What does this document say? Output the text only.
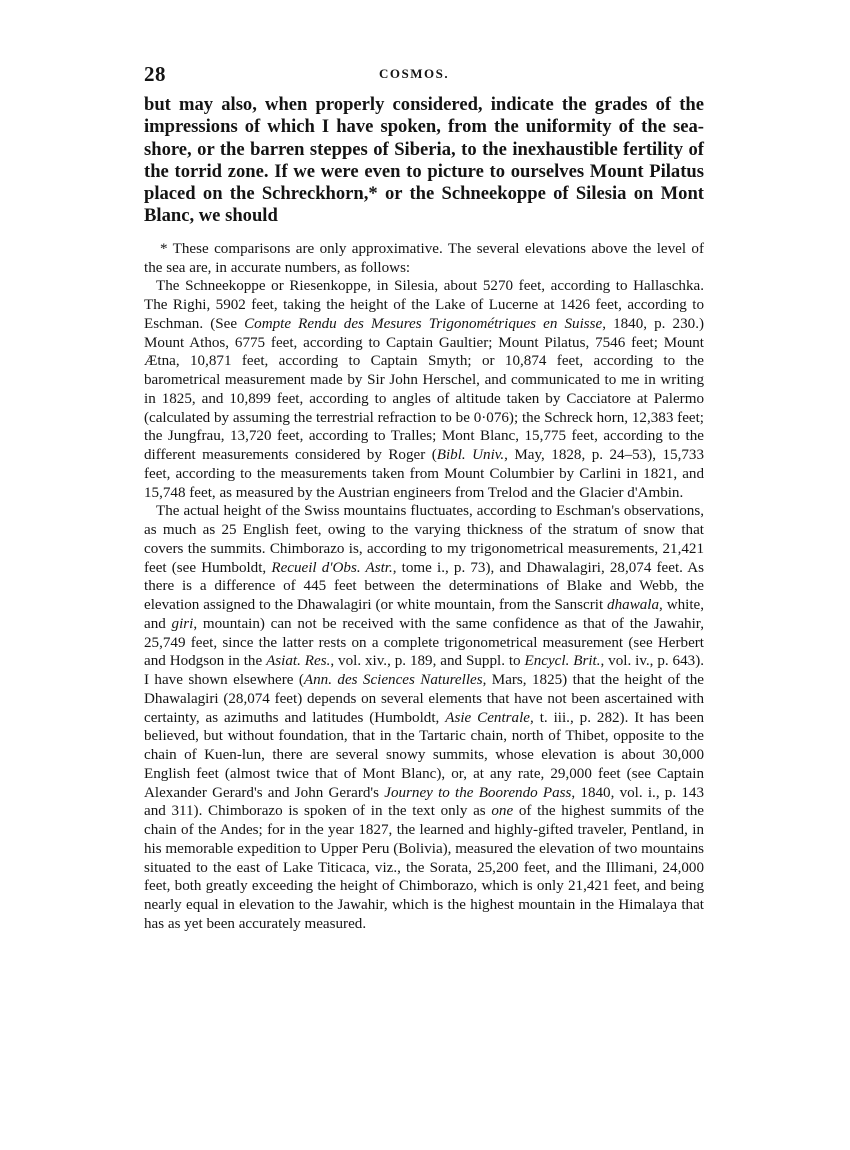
28	COSMOS.

but may also, when properly considered, indicate the grades of the impressions of which I have spoken, from the uniformity of the sea-shore, or the barren steppes of Siberia, to the inexhaustible fertility of the torrid zone. If we were even to picture to ourselves Mount Pilatus placed on the Schreckhorn,* or the Schneekoppe of Silesia on Mont Blanc, we should

* These comparisons are only approximative. The several elevations above the level of the sea are, in accurate numbers, as follows:

The Schneekoppe or Riesenkoppe, in Silesia, about 5270 feet, according to Hallaschka. The Righi, 5902 feet, taking the height of the Lake of Lucerne at 1426 feet, according to Eschman. (See Compte Rendu des Mesures Trigonométriques en Suisse, 1840, p. 230.) Mount Athos, 6775 feet, according to Captain Gaultier; Mount Pilatus, 7546 feet; Mount Ætna, 10,871 feet, according to Captain Smyth; or 10,874 feet, according to the barometrical measurement made by Sir John Herschel, and communicated to me in writing in 1825, and 10,899 feet, according to angles of altitude taken by Cacciatore at Palermo (calculated by assuming the terrestrial refraction to be 0·076); the Schreck horn, 12,383 feet; the Jungfrau, 13,720 feet, according to Tralles; Mont Blanc, 15,775 feet, according to the different measurements considered by Roger (Bibl. Univ., May, 1828, p. 24–53), 15,733 feet, according to the measurements taken from Mount Columbier by Carlini in 1821, and 15,748 feet, as measured by the Austrian engineers from Trelod and the Glacier d'Ambin.

The actual height of the Swiss mountains fluctuates, according to Eschman's observations, as much as 25 English feet, owing to the varying thickness of the stratum of snow that covers the summits. Chimborazo is, according to my trigonometrical measurements, 21,421 feet (see Humboldt, Recueil d'Obs. Astr., tome i., p. 73), and Dhawalagiri, 28,074 feet. As there is a difference of 445 feet between the determinations of Blake and Webb, the elevation assigned to the Dhawalagiri (or white mountain, from the Sanscrit dhawala, white, and giri, mountain) can not be received with the same confidence as that of the Jawahir, 25,749 feet, since the latter rests on a complete trigonometrical measurement (see Herbert and Hodgson in the Asiat. Res., vol. xiv., p. 189, and Suppl. to Encycl. Brit., vol. iv., p. 643). I have shown elsewhere (Ann. des Sciences Naturelles, Mars, 1825) that the height of the Dhawalagiri (28,074 feet) depends on several elements that have not been ascertained with certainty, as azimuths and latitudes (Humboldt, Asie Centrale, t. iii., p. 282). It has been believed, but without foundation, that in the Tartaric chain, north of Thibet, opposite to the chain of Kuen-lun, there are several snowy summits, whose elevation is about 30,000 English feet (almost twice that of Mont Blanc), or, at any rate, 29,000 feet (see Captain Alexander Gerard's and John Gerard's Journey to the Boorendo Pass, 1840, vol. i., p. 143 and 311). Chimborazo is spoken of in the text only as one of the highest summits of the chain of the Andes; for in the year 1827, the learned and highly-gifted traveler, Pentland, in his memorable expedition to Upper Peru (Bolivia), measured the elevation of two mountains situated to the east of Lake Titicaca, viz., the Sorata, 25,200 feet, and the Illimani, 24,000 feet, both greatly exceeding the height of Chimborazo, which is only 21,421 feet, and being nearly equal in elevation to the Jawahir, which is the highest mountain in the Himalaya that has as yet been accurately measured.
